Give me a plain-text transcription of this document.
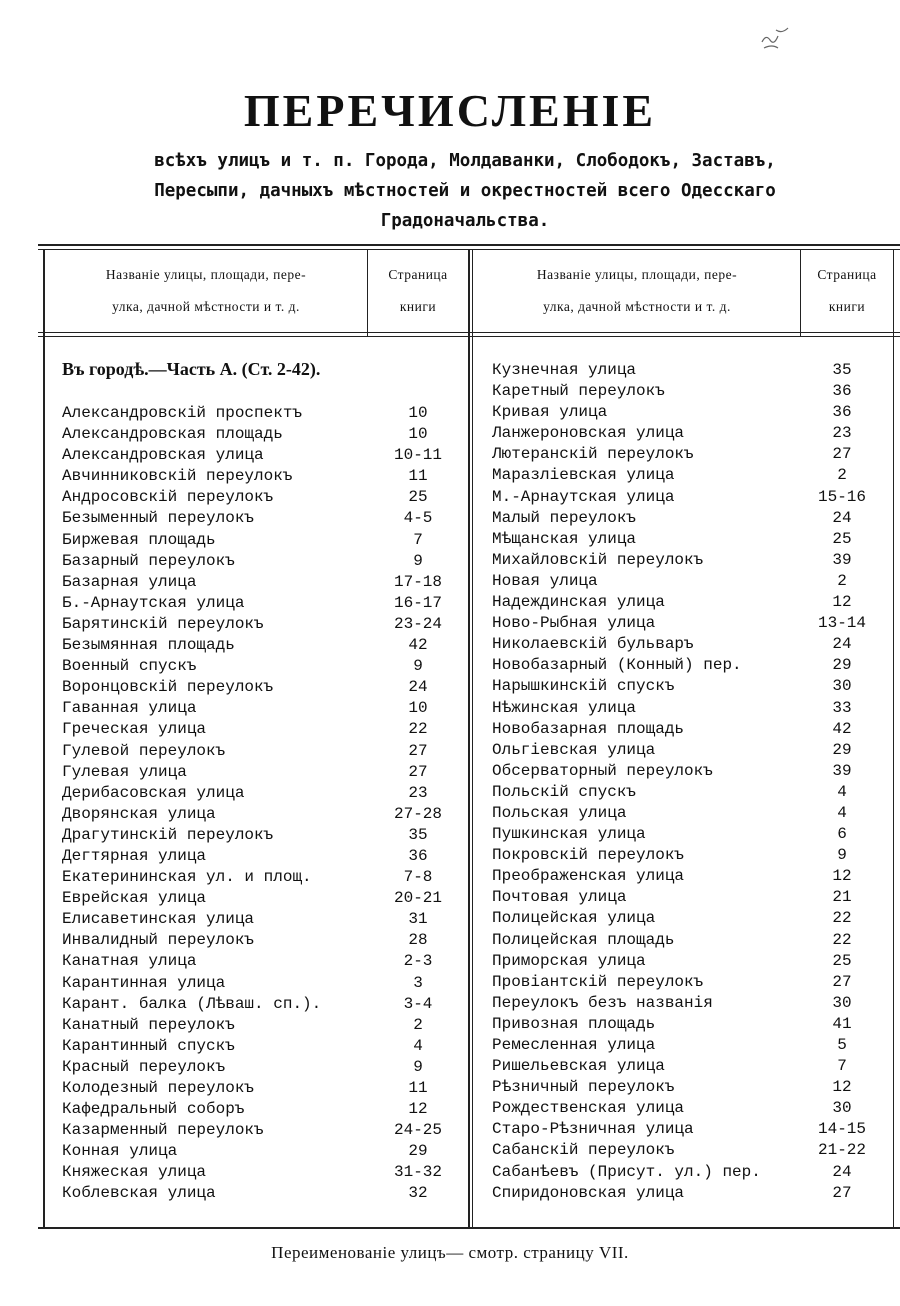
ПЕРЕЧИСЛЕНІЕ
всѣхъ улицъ и т. п. Города, Молдаванки, Слободокъ, Заставъ,
Пересыпи, дачныхъ мѣстностей и окрестностей всего Одесскаго
Градоначальства.
Названіе улицы, площади, пере-
улка, дачной мѣстности и т. д.
Страница
книги
Названіе улицы, площади, пере-
улка, дачной мѣстности и т. д.
Страница
книги
Въ городѣ.—Часть А. (Ст. 2-42).
Александровскій проспектъ	10
Александровская площадь	10
Александровская улица	10-11
Авчинниковскій переулокъ	11
Андросовскій переулокъ	25
Безыменный переулокъ	4-5
Биржевая площадь	7
Базарный переулокъ	9
Базарная улица	17-18
Б.-Арнаутская улица	16-17
Барятинскій переулокъ	23-24
Безымянная площадь	42
Военный спускъ	9
Воронцовскій переулокъ	24
Гаванная улица	10
Греческая улица	22
Гулевой переулокъ	27
Гулевая улица	27
Дерибасовская улица	23
Дворянская улица	27-28
Драгутинскій переулокъ	35
Дегтярная улица	36
Екатерининская ул. и площ.	7-8
Еврейская улица	20-21
Елисаветинская улица	31
Инвалидный переулокъ	28
Канатная улица	2-3
Карантинная улица	3
Карант. балка (Лѣваш. сп.).	3-4
Канатный переулокъ	2
Карантинный спускъ	4
Красный переулокъ	9
Колодезный переулокъ	11
Кафедральный соборъ	12
Казарменный переулокъ	24-25
Конная улица	29
Княжеская улица	31-32
Коблевская улица	32
Кузнечная улица	35
Каретный переулокъ	36
Кривая улица	36
Ланжероновская улица	23
Лютеранскій переулокъ	27
Маразліевская улица	2
М.-Арнаутская улица	15-16
Малый переулокъ	24
Мѣщанская улица	25
Михайловскій переулокъ	39
Новая улица	2
Надеждинская улица	12
Ново-Рыбная улица	13-14
Николаевскій бульваръ	24
Новобазарный (Конный) пер.	29
Нарышкинскій спускъ	30
Нѣжинская улица	33
Новобазарная площадь	42
Ольгіевская улица	29
Обсерваторный переулокъ	39
Польскій спускъ	4
Польская улица	4
Пушкинская улица	6
Покровскій переулокъ	9
Преображенская улица	12
Почтовая улица	21
Полицейская улица	22
Полицейская площадь	22
Приморская улица	25
Провіантскій переулокъ	27
Переулокъ безъ названія	30
Привозная площадь	41
Ремесленная улица	5
Ришельевская улица	7
Рѣзничный переулокъ	12
Рождественская улица	30
Старо-Рѣзничная улица	14-15
Сабанскій переулокъ	21-22
Сабанѣевъ (Присут. ул.) пер.	24
Спиридоновская улица	27
Переименованіе улицъ— смотр. страницу VII.
